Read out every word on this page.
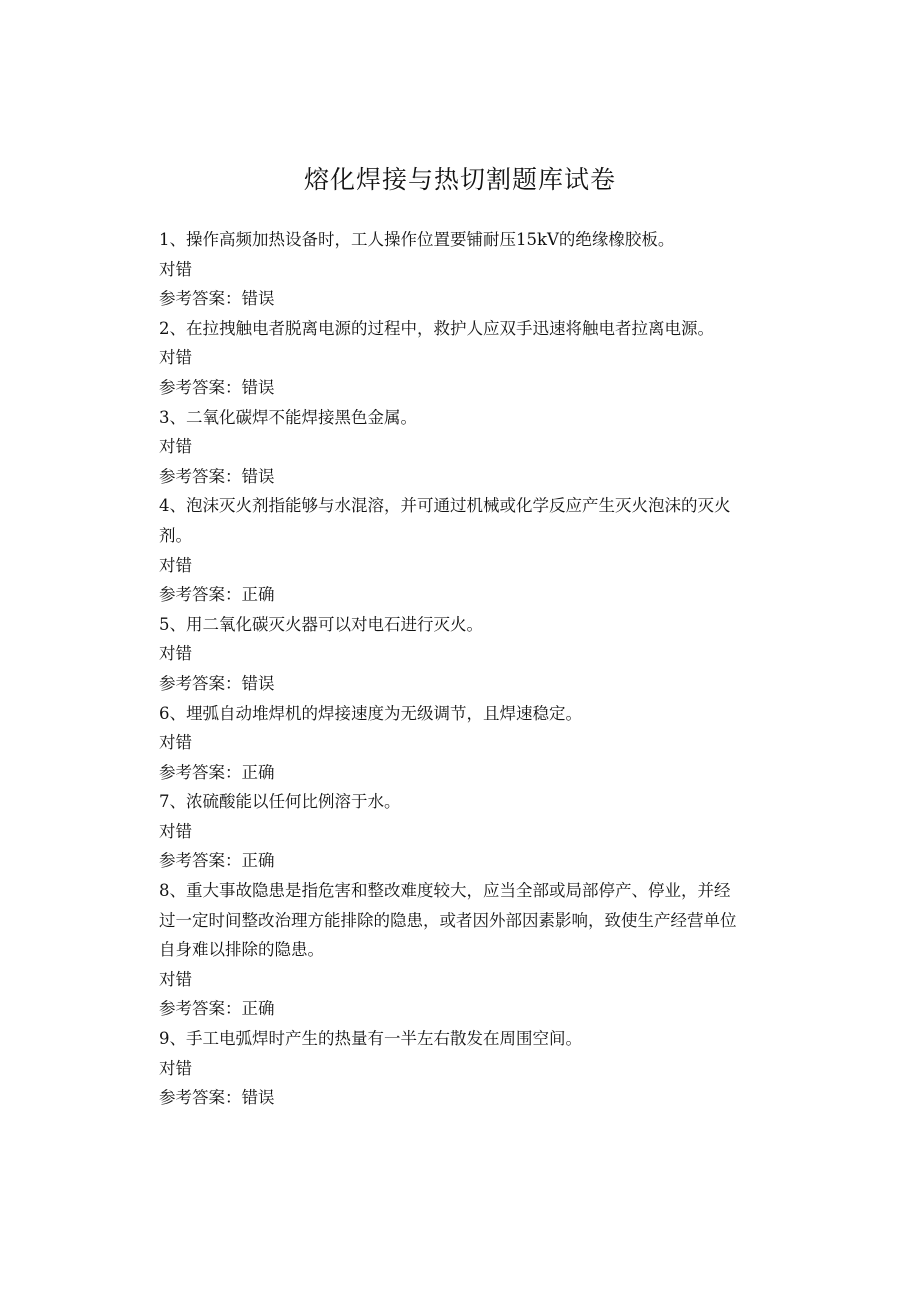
熔化焊接与热切割题库试卷
1、操作高频加热设备时，工人操作位置要铺耐压15kV的绝缘橡胶板。
对错
参考答案：错误
2、在拉拽触电者脱离电源的过程中，救护人应双手迅速将触电者拉离电源。
对错
参考答案：错误
3、二氧化碳焊不能焊接黑色金属。
对错
参考答案：错误
4、泡沫灭火剂指能够与水混溶，并可通过机械或化学反应产生灭火泡沫的灭火
剂。
对错
参考答案：正确
5、用二氧化碳灭火器可以对电石进行灭火。
对错
参考答案：错误
6、埋弧自动堆焊机的焊接速度为无级调节，且焊速稳定。
对错
参考答案：正确
7、浓硫酸能以任何比例溶于水。
对错
参考答案：正确
8、重大事故隐患是指危害和整改难度较大，应当全部或局部停产、停业，并经
过一定时间整改治理方能排除的隐患，或者因外部因素影响，致使生产经营单位
自身难以排除的隐患。
对错
参考答案：正确
9、手工电弧焊时产生的热量有一半左右散发在周围空间。
对错
参考答案：错误
